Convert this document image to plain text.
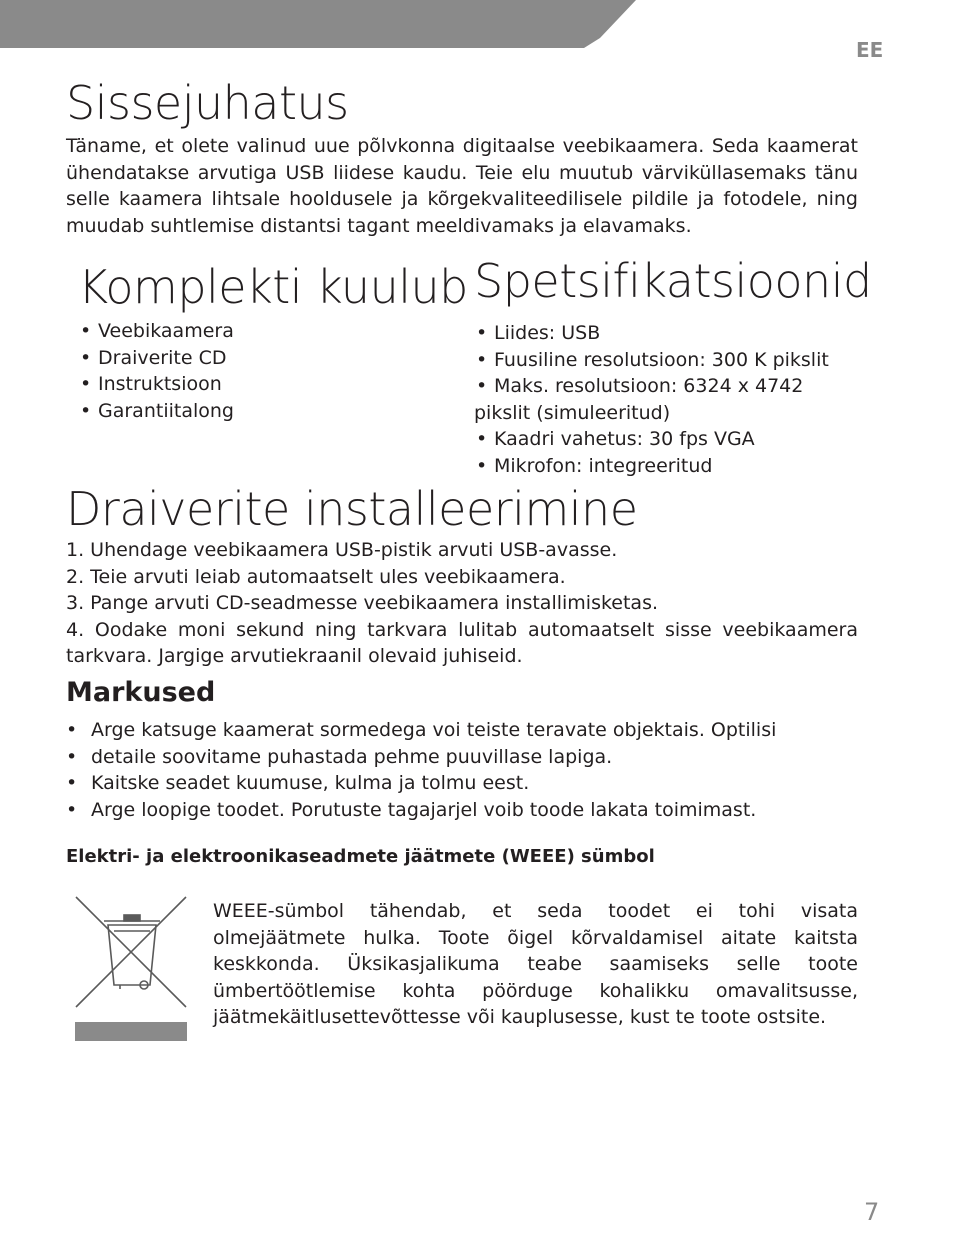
EE
Sissejuhatus
Täname, et olete valinud uue põlvkonna digitaalse veebikaamera. Seda kaamerat ühendatakse arvutiga USB liidese kaudu. Teie elu muutub värviküllasemaks tänu selle kaamera lihtsale hooldusele ja kõrgekvaliteedilisele pildile ja fotodele, ning muudab suhtlemise distantsi tagant meeldivamaks ja elavamaks.
Komplekti kuulub
• Veebikaamera
• Draiverite CD
• Instruktsioon
• Garantiitalong
Spetsifikatsioonid
• Liides: USB
• Fuusiline resolutsioon: 300 K pikslit
• Maks. resolutsioon: 6324 x 4742
pikslit (simuleeritud)
• Kaadri vahetus: 30 fps VGA
• Mikrofon: integreeritud
Draiverite installeerimine
1. Uhendage veebikaamera USB-pistik arvuti USB-avasse.
2. Teie arvuti leiab automaatselt ules veebikaamera.
3. Pange arvuti CD-seadmesse veebikaamera installimisketas.
4. Oodake moni sekund ning tarkvara lulitab automaatselt sisse veebikaamera tarkvara. Jargige arvutiekraanil olevaid juhiseid.
Markused
• Arge katsuge kaamerat sormedega voi teiste teravate objektais. Optilisi
• detaile soovitame puhastada pehme puuvillase lapiga.
• Kaitske seadet kuumuse, kulma ja tolmu eest.
• Arge loopige toodet. Porutuste tagajarjel voib toode lakata toimimast.
Elektri- ja elektroonikaseadmete jäätmete (WEEE) sümbol
WEEE-sümbol tähendab, et seda toodet ei tohi visata olmejäätmete hulka. Toote õigel kõrvaldamisel aitate kaitsta keskkonda. Üksikasjalikuma teabe saamiseks selle toote ümbertöötlemise kohta pöörduge kohalikku omavalitsusse, jäätmekäitlusettevõttesse või kauplusesse, kust te toote ostsite.
7
